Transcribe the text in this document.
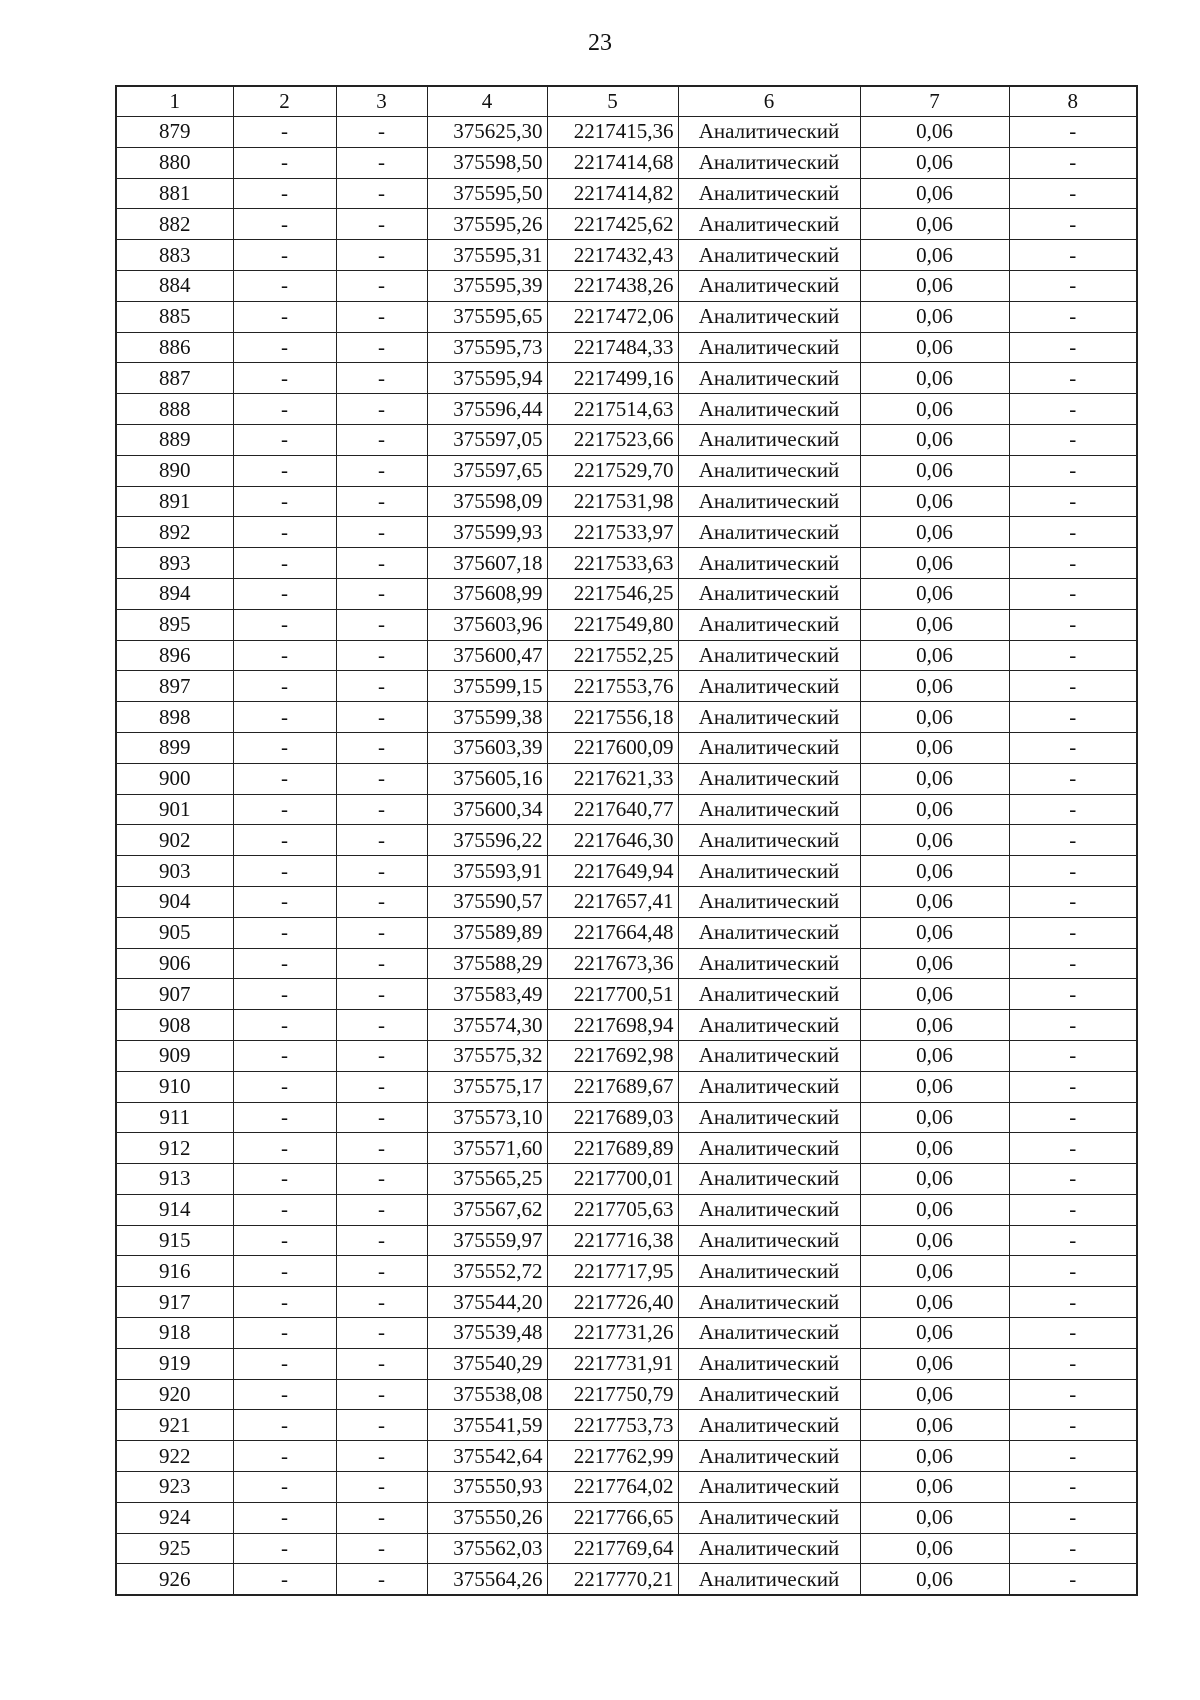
23
1	2	3	4	5	6	7	8
879	-	-	375625,30	2217415,36	Аналитический	0,06	-
880	-	-	375598,50	2217414,68	Аналитический	0,06	-
881	-	-	375595,50	2217414,82	Аналитический	0,06	-
882	-	-	375595,26	2217425,62	Аналитический	0,06	-
883	-	-	375595,31	2217432,43	Аналитический	0,06	-
884	-	-	375595,39	2217438,26	Аналитический	0,06	-
885	-	-	375595,65	2217472,06	Аналитический	0,06	-
886	-	-	375595,73	2217484,33	Аналитический	0,06	-
887	-	-	375595,94	2217499,16	Аналитический	0,06	-
888	-	-	375596,44	2217514,63	Аналитический	0,06	-
889	-	-	375597,05	2217523,66	Аналитический	0,06	-
890	-	-	375597,65	2217529,70	Аналитический	0,06	-
891	-	-	375598,09	2217531,98	Аналитический	0,06	-
892	-	-	375599,93	2217533,97	Аналитический	0,06	-
893	-	-	375607,18	2217533,63	Аналитический	0,06	-
894	-	-	375608,99	2217546,25	Аналитический	0,06	-
895	-	-	375603,96	2217549,80	Аналитический	0,06	-
896	-	-	375600,47	2217552,25	Аналитический	0,06	-
897	-	-	375599,15	2217553,76	Аналитический	0,06	-
898	-	-	375599,38	2217556,18	Аналитический	0,06	-
899	-	-	375603,39	2217600,09	Аналитический	0,06	-
900	-	-	375605,16	2217621,33	Аналитический	0,06	-
901	-	-	375600,34	2217640,77	Аналитический	0,06	-
902	-	-	375596,22	2217646,30	Аналитический	0,06	-
903	-	-	375593,91	2217649,94	Аналитический	0,06	-
904	-	-	375590,57	2217657,41	Аналитический	0,06	-
905	-	-	375589,89	2217664,48	Аналитический	0,06	-
906	-	-	375588,29	2217673,36	Аналитический	0,06	-
907	-	-	375583,49	2217700,51	Аналитический	0,06	-
908	-	-	375574,30	2217698,94	Аналитический	0,06	-
909	-	-	375575,32	2217692,98	Аналитический	0,06	-
910	-	-	375575,17	2217689,67	Аналитический	0,06	-
911	-	-	375573,10	2217689,03	Аналитический	0,06	-
912	-	-	375571,60	2217689,89	Аналитический	0,06	-
913	-	-	375565,25	2217700,01	Аналитический	0,06	-
914	-	-	375567,62	2217705,63	Аналитический	0,06	-
915	-	-	375559,97	2217716,38	Аналитический	0,06	-
916	-	-	375552,72	2217717,95	Аналитический	0,06	-
917	-	-	375544,20	2217726,40	Аналитический	0,06	-
918	-	-	375539,48	2217731,26	Аналитический	0,06	-
919	-	-	375540,29	2217731,91	Аналитический	0,06	-
920	-	-	375538,08	2217750,79	Аналитический	0,06	-
921	-	-	375541,59	2217753,73	Аналитический	0,06	-
922	-	-	375542,64	2217762,99	Аналитический	0,06	-
923	-	-	375550,93	2217764,02	Аналитический	0,06	-
924	-	-	375550,26	2217766,65	Аналитический	0,06	-
925	-	-	375562,03	2217769,64	Аналитический	0,06	-
926	-	-	375564,26	2217770,21	Аналитический	0,06	-
